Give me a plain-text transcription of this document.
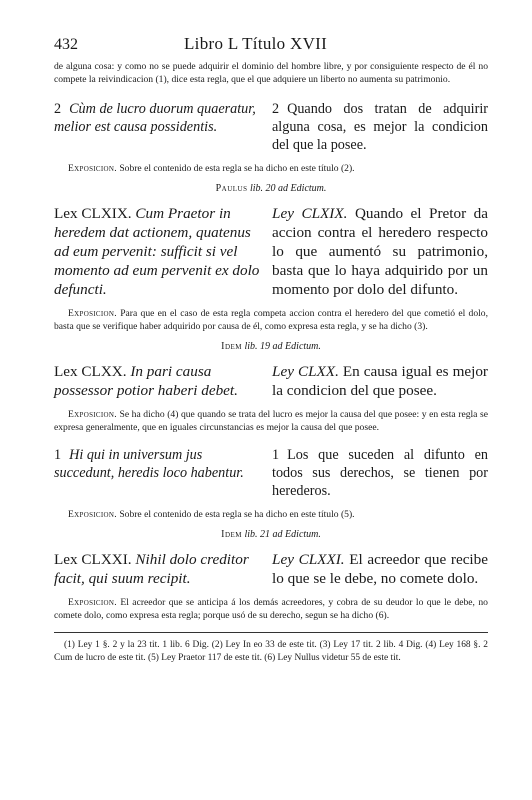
432	Libro L Título XVII

de alguna cosa: y como no se puede adquirir el dominio del hombre libre, y por consiguiente respecto de él no compete la reivindicacion (1), dice esta regla, que el que adquiere un liberto no aumenta su patrimonio.

2 Cùm de lucro duorum quaeratur, melior est causa possidentis.
2 Quando dos tratan de adquirir alguna cosa, es mejor la condicion del que la posee.

Exposicion. Sobre el contenido de esta regla se ha dicho en este título (2).

Paulus lib. 20 ad Edictum.
Lex CLXIX. Cum Praetor in heredem dat actionem, quatenus ad eum pervenit: sufficit si vel momento ad eum pervenit ex dolo defuncti.
Ley CLXIX. Quando el Pretor da accion contra el heredero respecto lo que aumentó su patrimonio, basta que lo haya adquirido por un momento por dolo del difunto.

Exposicion. Para que en el caso de esta regla competa accion contra el heredero del que cometió el dolo, basta que se verifique haber adquirido por causa de él, como expresa esta regla, y se ha dicho (3).

Idem lib. 19 ad Edictum.
Lex CLXX. In pari causa possessor potior haberi debet.
Ley CLXX. En causa igual es mejor la condicion del que posee.

Exposicion. Se ha dicho (4) que quando se trata del lucro es mejor la causa del que posee: y en esta regla se expresa generalmente, que en iguales circunstancias es mejor la causa del que posee.

1 Hi qui in universum jus succedunt, heredis loco habentur.
1 Los que suceden al difunto en todos sus derechos, se tienen por herederos.

Exposicion. Sobre el contenido de esta regla se ha dicho en este título (5).

Idem lib. 21 ad Edictum.
Lex CLXXI. Nihil dolo creditor facit, qui suum recipit.
Ley CLXXI. El acreedor que recibe lo que se le debe, no comete dolo.

Exposicion. El acreedor que se anticipa á los demás acreedores, y cobra de su deudor lo que le debe, no comete dolo, como expresa esta regla; porque usó de su derecho, segun se ha dicho (6).

(1) Ley 1 §. 2 y la 23 tit. 1 lib. 6 Dig. (2) Ley In eo 33 de este tit. (3) Ley 17 tit. 2 lib. 4 Dig. (4) Ley 168 §. 2 Cum de lucro de este tit. (5) Ley Praetor 117 de este tit. (6) Ley Nullus videtur 55 de este tit.
